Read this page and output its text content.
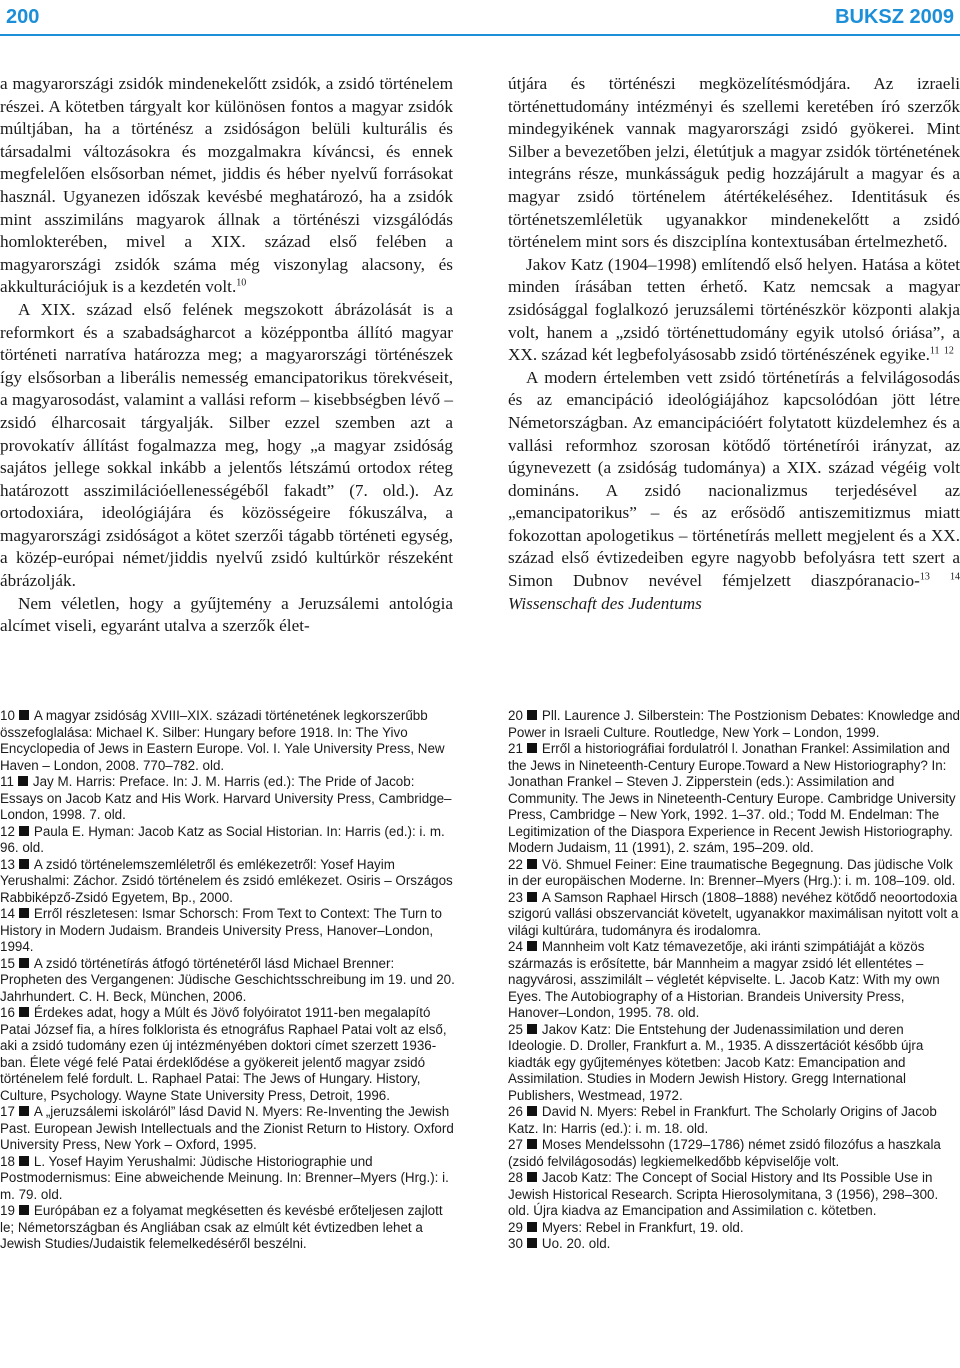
200	BUKSZ 2009

a magyarországi zsidók mindenekelőtt zsidók, a zsidó történelem részei. A kötetben tárgyalt kor különösen fontos a magyar zsidók múltjában, ha a történész a zsidóságon belüli kulturális és társadalmi változásokra és mozgalmakra kíváncsi, és ennek megfelelően elsősorban német, jiddis és héber nyelvű forrásokat használ. Ugyanezen időszak kevésbé meghatározó, ha a zsidók mint asszimiláns magyarok állnak a történészi vizsgálódás homlokterében, mivel a XIX. század első felében a magyarországi zsidók száma még viszonylag alacsony, és akkulturációjuk is a kezdetén volt.$^{10}$

A XIX. század első felének megszokott ábrázolását is a reformkort és a szabadságharcot a középpontba állító magyar történeti narratíva határozza meg; a magyarországi történészek így elsősorban a liberális nemesség emancipatorikus törekvéseit, a magyarosodást, valamint a vallási reform – kisebbségben lévő – zsidó élharcosait tárgyalják. Silber ezzel szemben azt a provokatív állítást fogalmazza meg, hogy „a magyar zsidóság sajátos jellege sokkal inkább a jelentős létszámú ortodox réteg határozott asszimilációellenességéből fakadt” (7. old.). Az ortodoxiára, ideológiájára és közösségeire fókuszálva, a magyarországi zsidóságot a kötet szerzői tágabb történeti egység, a közép-európai német/jiddis nyelvű zsidó kultúrkör részeként ábrázolják.

Nem véletlen, hogy a gyűjtemény a Jeruzsálemi antológia alcímet viseli, egyaránt utalva a szerzők élet-

útjára és történészi megközelítésmódjára. Az izraeli történettudomány intézményi és szellemi keretében író szerzők mindegyikének vannak magyarországi zsidó gyökerei. Mint Silber a bevezetőben jelzi, életútjuk a magyar zsidók történetének integráns része, munkásságuk pedig hozzájárult a magyar és a magyar zsidó történelem átértékeléséhez. Identitásuk és történetszemléletük ugyanakkor mindenekelőtt a zsidó történelem mint sors és diszciplína kontextusában értelmezhető.

Jakov Katz (1904–1998) említendő első helyen. Hatása a kötet minden írásában tetten érhető. Katz nemcsak a magyar zsidósággal foglalkozó jeruzsálemi történészkör központi alakja volt, hanem a „zsidó történettudomány egyik utolsó óriása”, a XX. század két legbefolyásosabb zsidó történészének egyike.$^{11}$ $^{12}$

A modern értelemben vett zsidó történetírás a felvilágosodás és az emancipáció ideológiájához kapcsolódóan jött létre Németországban. Az emancipációért folytatott küzdelemhez és a vallási reformhoz szorosan kötődő történetírói irányzat, az úgynevezett (a zsidóság tudománya) a XIX. század végéig volt domináns. A zsidó nacionalizmus terjedésével az „emancipatorikus” – és az erősödő antiszemitizmus miatt fokozottan apologetikus – történetírás mellett megjelent és a XX. század első évtizedeiben egyre nagyobb befolyásra tett szert a Simon Dubnov nevével fémjelzett diaszpóranacio-$^{13}$ $^{14}$ Wissenschaft des Judentums

10 A magyar zsidóság XVIII–XIX. századi történetének legkorszerűbb összefoglalása: Michael K. Silber: Hungary before 1918. In: The Yivo Encyclopedia of Jews in Eastern Europe. Vol. I. Yale University Press, New Haven – London, 2008. 770–782. old.

11 Jay M. Harris: Preface. In: J. M. Harris (ed.): The Pride of Jacob: Essays on Jacob Katz and His Work. Harvard University Press, Cambridge–London, 1998. 7. old.

12 Paula E. Hyman: Jacob Katz as Social Historian. In: Harris (ed.): i. m. 96. old.

13 A zsidó történelemszemléletről és emlékezetről: Yosef Hayim Yerushalmi: Záchor. Zsidó történelem és zsidó emlékezet. Osiris – Országos Rabbiképző-Zsidó Egyetem, Bp., 2000.

14 Erről részletesen: Ismar Schorsch: From Text to Context: The Turn to History in Modern Judaism. Brandeis University Press, Hanover–London, 1994.

15 A zsidó történetírás átfogó történetéről lásd Michael Brenner: Propheten des Vergangenen: Jüdische Geschichtsschreibung im 19. und 20. Jahrhundert. C. H. Beck, München, 2006.

16 Érdekes adat, hogy a Múlt és Jövő folyóiratot 1911-ben megalapító Patai József fia, a híres folklorista és etnográfus Raphael Patai volt az első, aki a zsidó tudomány ezen új intézményében doktori címet szerzett 1936-ban. Élete végé felé Patai érdeklődése a gyökereit jelentő magyar zsidó történelem felé fordult. L. Raphael Patai: The Jews of Hungary. History, Culture, Psychology. Wayne State University Press, Detroit, 1996.

17 A „jeruzsálemi iskoláról” lásd David N. Myers: Re-Inventing the Jewish Past. European Jewish Intellectuals and the Zionist Return to History. Oxford University Press, New York – Oxford, 1995.

18 L. Yosef Hayim Yerushalmi: Jüdische Historiographie und Postmodernismus: Eine abweichende Meinung. In: Brenner–Myers (Hrg.): i. m. 79. old.

19 Európában ez a folyamat megkésetten és kevésbé erőteljesen zajlott le; Németországban és Angliában csak az elmúlt két évtizedben lehet a Jewish Studies/Judaistik felemelkedéséről beszélni.

20 Pll. Laurence J. Silberstein: The Postzionism Debates: Knowledge and Power in Israeli Culture. Routledge, New York – London, 1999.

21 Erről a historiográfiai fordulatról l. Jonathan Frankel: Assimilation and the Jews in Nineteenth-Century Europe.Toward a New Historiography? In: Jonathan Frankel – Steven J. Zipperstein (eds.): Assimilation and Community. The Jews in Nineteenth-Century Europe. Cambridge University Press, Cambridge – New York, 1992. 1–37. old.; Todd M. Endelman: The Legitimization of the Diaspora Experience in Recent Jewish Historiography. Modern Judaism, 11 (1991), 2. szám, 195–209. old.

22 Vö. Shmuel Feiner: Eine traumatische Begegnung. Das jüdische Volk in der europäischen Moderne. In: Brenner–Myers (Hrg.): i. m. 108–109. old.

23 A Samson Raphael Hirsch (1808–1888) nevéhez kötődő neoortodoxia szigorú vallási obszervanciát követelt, ugyanakkor maximálisan nyitott volt a világi kultúrára, tudományra és irodalomra.

24 Mannheim volt Katz témavezetője, aki iránti szimpátiáját a közös származás is erősítette, bár Mannheim a magyar zsidó lét ellentétes – nagyvárosi, asszimilált – végletét képviselte. L. Jacob Katz: With my own Eyes. The Autobiography of a Historian. Brandeis University Press, Hanover–London, 1995. 78. old.

25 Jakov Katz: Die Entstehung der Judenassimilation und deren Ideologie. D. Droller, Frankfurt a. M., 1935. A disszertációt később újra kiadták egy gyűjteményes kötetben: Jacob Katz: Emancipation and Assimilation. Studies in Modern Jewish History. Gregg International Publishers, Westmead, 1972.

26 David N. Myers: Rebel in Frankfurt. The Scholarly Origins of Jacob Katz. In: Harris (ed.): i. m. 18. old.

27 Moses Mendelssohn (1729–1786) német zsidó filozófus a haszkala (zsidó felvilágosodás) legkiemelkedőbb képviselője volt.

28 Jacob Katz: The Concept of Social History and Its Possible Use in Jewish Historical Research. Scripta Hierosolymitana, 3 (1956), 298–300. old. Újra kiadva az Emancipation and Assimilation c. kötetben.

29 Myers: Rebel in Frankfurt, 19. old.

30 Uo. 20. old.
